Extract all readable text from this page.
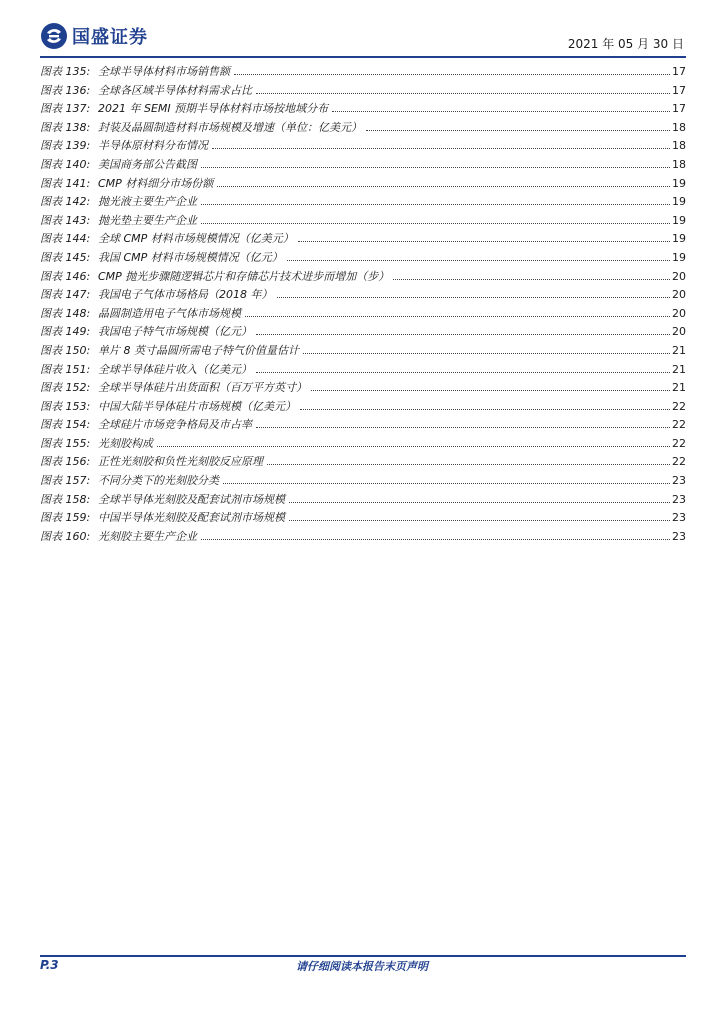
国盛证券	2021 年 05 月 30 日
图表 135: 全球半导体材料市场销售额	17
图表 136: 全球各区域半导体材料需求占比	17
图表 137: 2021 年 SEMI 预期半导体材料市场按地域分布	17
图表 138: 封装及晶圆制造材料市场规模及增速（单位：亿美元）	18
图表 139: 半导体原材料分布情况	18
图表 140: 美国商务部公告截图	18
图表 141: CMP 材料细分市场份额	19
图表 142: 抛光液主要生产企业	19
图表 143: 抛光垫主要生产企业	19
图表 144: 全球 CMP 材料市场规模情况（亿美元）	19
图表 145: 我国 CMP 材料市场规模情况（亿元）	19
图表 146: CMP 抛光步骤随逻辑芯片和存储芯片技术进步而增加（步）	20
图表 147: 我国电子气体市场格局（2018 年）	20
图表 148: 晶圆制造用电子气体市场规模	20
图表 149: 我国电子特气市场规模（亿元）	20
图表 150: 单片 8 英寸晶圆所需电子特气价值量估计	21
图表 151: 全球半导体硅片收入（亿美元）	21
图表 152: 全球半导体硅片出货面积（百万平方英寸）	21
图表 153: 中国大陆半导体硅片市场规模（亿美元）	22
图表 154: 全球硅片市场竞争格局及市占率	22
图表 155: 光刻胶构成	22
图表 156: 正性光刻胶和负性光刻胶反应原理	22
图表 157: 不同分类下的光刻胶分类	23
图表 158: 全球半导体光刻胶及配套试剂市场规模	23
图表 159: 中国半导体光刻胶及配套试剂市场规模	23
图表 160: 光刻胶主要生产企业	23
P.3	请仔细阅读本报告末页声明
